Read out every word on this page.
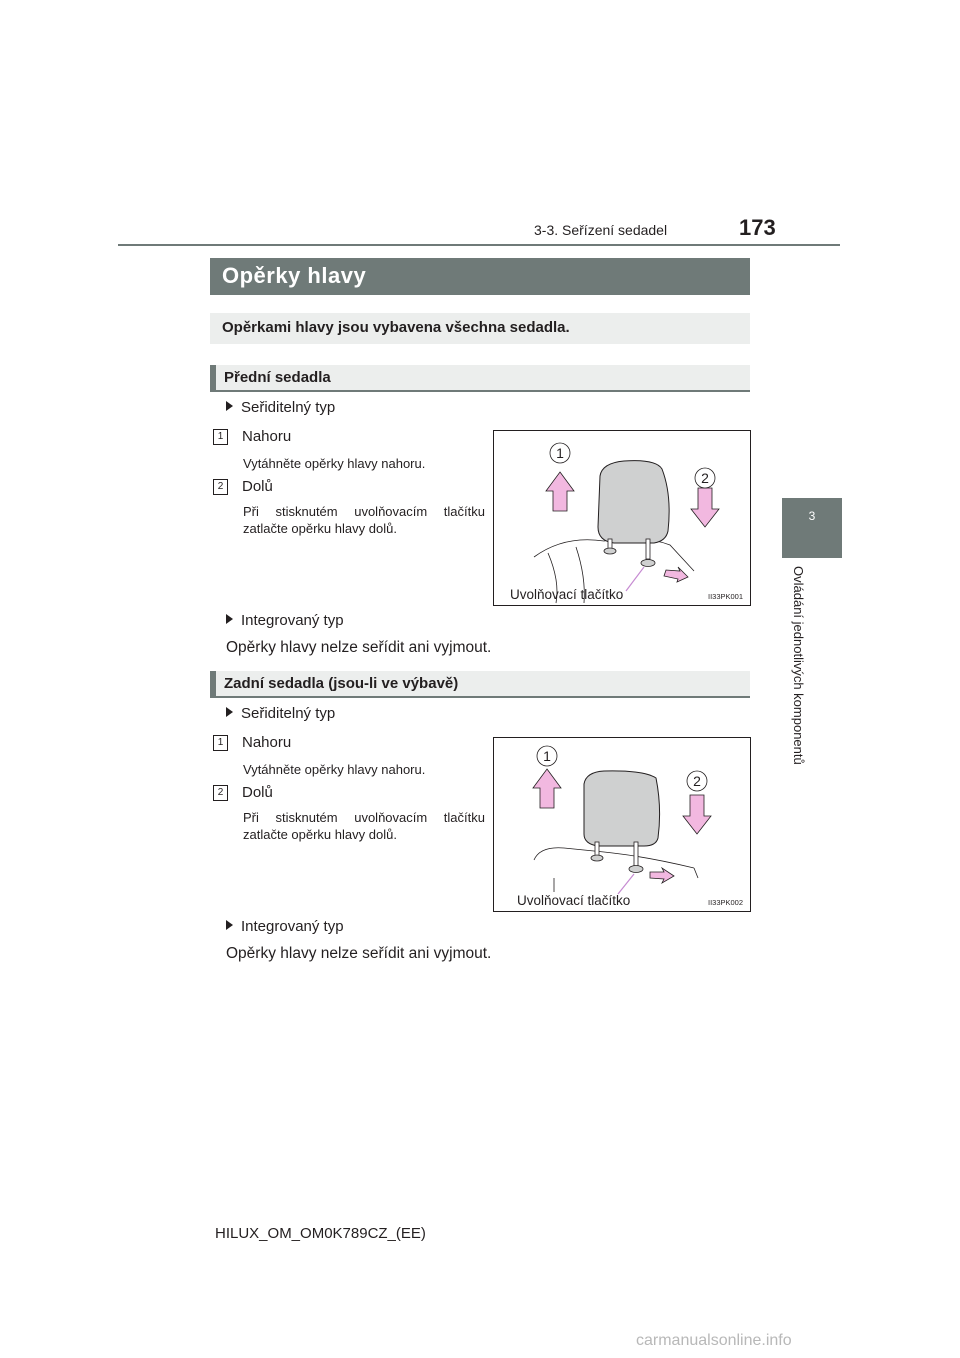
3-3. Seřízení sedadel	173
3
Ovládání jednotlivých komponentů
Opěrky hlavy
Opěrkami hlavy jsou vybavena všechna sedadla.
Přední sedadla
Seřiditelný typ
1	Nahoru
Vytáhněte opěrky hlavy nahoru.
2	Dolů
Při stisknutém uvolňovacím tlačítku zatlačte opěrku hlavy dolů.
1
2
Uvolňovací tlačítko	II33PK001
Integrovaný typ
Opěrky hlavy nelze seřídit ani vyjmout.
Zadní sedadla (jsou-li ve výbavě)
Seřiditelný typ
1	Nahoru
Vytáhněte opěrky hlavy nahoru.
2	Dolů
Při stisknutém uvolňovacím tlačítku zatlačte opěrku hlavy dolů.
1
2
Uvolňovací tlačítko	II33PK002
Integrovaný typ
Opěrky hlavy nelze seřídit ani vyjmout.
HILUX_OM_OM0K789CZ_(EE)
carmanualsonline.info
